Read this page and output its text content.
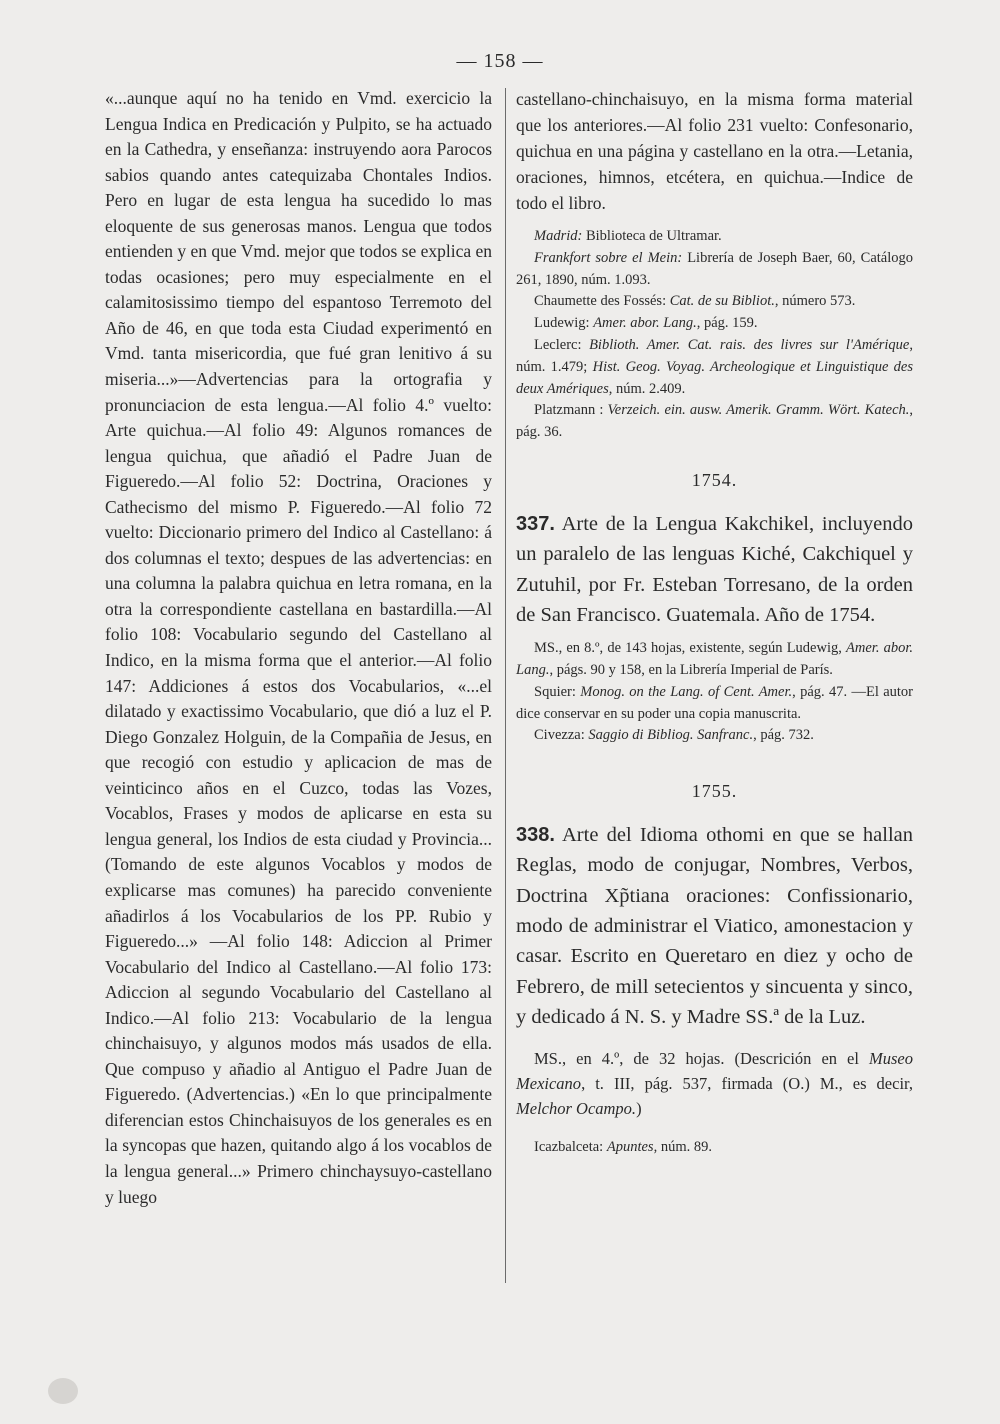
— 158 —

«...aunque aquí no ha tenido en Vmd. exercicio la Lengua Indica en Predicación y Pulpito, se ha actuado en la Cathedra, y enseñanza: instruyendo aora Parocos sabios quando antes catequizaba Chontales Indios. Pero en lugar de esta lengua ha sucedido lo mas eloquente de sus generosas manos. Lengua que todos entienden y en que Vmd. mejor que todos se explica en todas ocasiones; pero muy especialmente en el calamitosissimo tiempo del espantoso Terremoto del Año de 46, en que toda esta Ciudad experimentó en Vmd. tanta misericordia, que fué gran lenitivo á su miseria...»—Advertencias para la ortografia y pronunciacion de esta lengua.—Al folio 4.º vuelto: Arte quichua.—Al folio 49: Algunos romances de lengua quichua, que añadió el Padre Juan de Figueredo.—Al folio 52: Doctrina, Oraciones y Cathecismo del mismo P. Figueredo.—Al folio 72 vuelto: Diccionario primero del Indico al Castellano: á dos columnas el texto; despues de las advertencias: en una columna la palabra quichua en letra romana, en la otra la correspondiente castellana en bastardilla.—Al folio 108: Vocabulario segundo del Castellano al Indico, en la misma forma que el anterior.—Al folio 147: Addiciones á estos dos Vocabularios, «...el dilatado y exactissimo Vocabulario, que dió a luz el P. Diego Gonzalez Holguin, de la Compañia de Jesus, en que recogió con estudio y aplicacion de mas de veinticinco años en el Cuzco, todas las Vozes, Vocablos, Frases y modos de aplicarse en esta su lengua general, los Indios de esta ciudad y Provincia... (Tomando de este algunos Vocablos y modos de explicarse mas comunes) ha parecido conveniente añadirlos á los Vocabularios de los PP. Rubio y Figueredo...» —Al folio 148: Adiccion al Primer Vocabulario del Indico al Castellano.—Al folio 173: Adiccion al segundo Vocabulario del Castellano al Indico.—Al folio 213: Vocabulario de la lengua chinchaisuyo, y algunos modos más usados de ella. Que compuso y añadio al Antiguo el Padre Juan de Figueredo. (Advertencias.) «En lo que principalmente diferencian estos Chinchaisuyos de los generales es en la syncopas que hazen, quitando algo á los vocablos de la lengua general...» Primero chinchaysuyo-castellano y luego

castellano-chinchaisuyo, en la misma forma material que los anteriores.—Al folio 231 vuelto: Confesonario, quichua en una página y castellano en la otra.—Letania, oraciones, himnos, etcétera, en quichua.—Indice de todo el libro.

Madrid: Biblioteca de Ultramar.

Frankfort sobre el Mein: Librería de Joseph Baer, 60, Catálogo 261, 1890, núm. 1.093.

Chaumette des Fossés: Cat. de su Bibliot., número 573.

Ludewig: Amer. abor. Lang., pág. 159.

Leclerc: Biblioth. Amer. Cat. rais. des livres sur l'Amérique, núm. 1.479; Hist. Geog. Voyag. Archeologique et Linguistique des deux Amériques, núm. 2.409.

Platzmann : Verzeich. ein. ausw. Amerik. Gramm. Wört. Katech., pág. 36.

1754.

337. Arte de la Lengua Kakchikel, incluyendo un paralelo de las lenguas Kiché, Cakchiquel y Zutuhil, por Fr. Esteban Torresano, de la orden de San Francisco. Guatemala. Año de 1754.

MS., en 8.º, de 143 hojas, existente, según Ludewig, Amer. abor. Lang., págs. 90 y 158, en la Librería Imperial de París.

Squier: Monog. on the Lang. of Cent. Amer., pág. 47. —El autor dice conservar en su poder una copia manuscrita.

Civezza: Saggio di Bibliog. Sanfranc., pág. 732.

1755.

338. Arte del Idioma othomi en que se hallan Reglas, modo de conjugar, Nombres, Verbos, Doctrina Xp̃tiana oraciones: Confissionario, modo de administrar el Viatico, amonestacion y casar. Escrito en Queretaro en diez y ocho de Febrero, de mill setecientos y sincuenta y sinco, y dedicado á N. S. y Madre SS.ª de la Luz.

MS., en 4.º, de 32 hojas. (Descrición en el Museo Mexicano, t. III, pág. 537, firmada (O.) M., es decir, Melchor Ocampo.)

Icazbalceta: Apuntes, núm. 89.
